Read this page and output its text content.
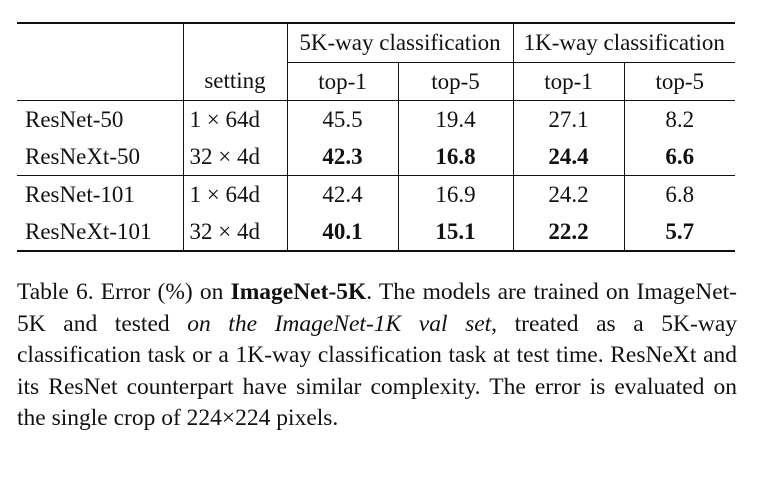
		5K-way classification		1K-way classification	
	setting	top-1	top-5	top-1	top-5
ResNet-50	1 × 64d	45.5	19.4	27.1	8.2
ResNeXt-50	32 × 4d	42.3	16.8	24.4	6.6
ResNet-101	1 × 64d	42.4	16.9	24.2	6.8
ResNeXt-101	32 × 4d	40.1	15.1	22.2	5.7
Table 6. Error (%) on ImageNet-5K. The models are trained on ImageNet-5K and tested on the ImageNet-1K val set, treated as a 5K-way classification task or a 1K-way classification task at test time. ResNeXt and its ResNet counterpart have similar complexity. The error is evaluated on the single crop of 224×224 pixels.
